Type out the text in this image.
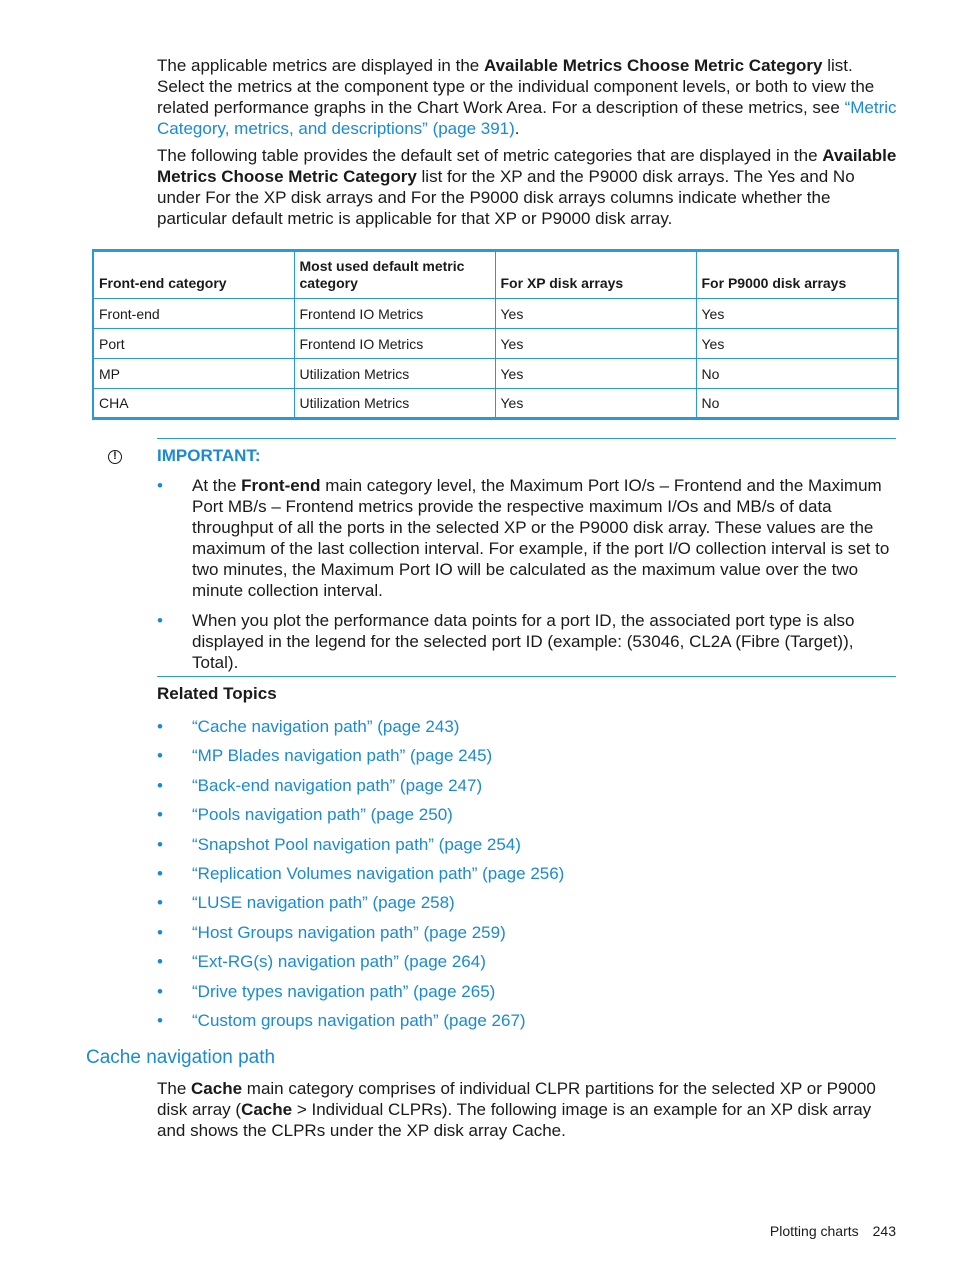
The applicable metrics are displayed in the Available Metrics Choose Metric Category list. Select the metrics at the component type or the individual component levels, or both to view the related performance graphs in the Chart Work Area. For a description of these metrics, see “Metric Category, metrics, and descriptions” (page 391).

The following table provides the default set of metric categories that are displayed in the Available Metrics Choose Metric Category list for the XP and the P9000 disk arrays. The Yes and No under For the XP disk arrays and For the P9000 disk arrays columns indicate whether the particular default metric is applicable for that XP or P9000 disk array.

Front-end category	Most used default metric category	For XP disk arrays	For P9000 disk arrays
Front-end	Frontend IO Metrics	Yes	Yes
Port	Frontend IO Metrics	Yes	Yes
MP	Utilization Metrics	Yes	No
CHA	Utilization Metrics	Yes	No
!	IMPORTANT:
• At the Front-end main category level, the Maximum Port IO/s – Frontend and the Maximum Port MB/s – Frontend metrics provide the respective maximum I/Os and MB/s of data throughput of all the ports in the selected XP or the P9000 disk array. These values are the maximum of the last collection interval. For example, if the port I/O collection interval is set to two minutes, the Maximum Port IO will be calculated as the maximum value over the two minute collection interval.
• When you plot the performance data points for a port ID, the associated port type is also displayed in the legend for the selected port ID (example: (53046, CL2A (Fibre (Target)), Total).
Related Topics
• “Cache navigation path” (page 243)
• “MP Blades navigation path” (page 245)
• “Back-end navigation path” (page 247)
• “Pools navigation path” (page 250)
• “Snapshot Pool navigation path” (page 254)
• “Replication Volumes navigation path” (page 256)
• “LUSE navigation path” (page 258)
• “Host Groups navigation path” (page 259)
• “Ext-RG(s) navigation path” (page 264)
• “Drive types navigation path” (page 265)
• “Custom groups navigation path” (page 267)
Cache navigation path

The Cache main category comprises of individual CLPR partitions for the selected XP or P9000 disk array (Cache > Individual CLPRs). The following image is an example for an XP disk array and shows the CLPRs under the XP disk array Cache.

Plotting charts 243
